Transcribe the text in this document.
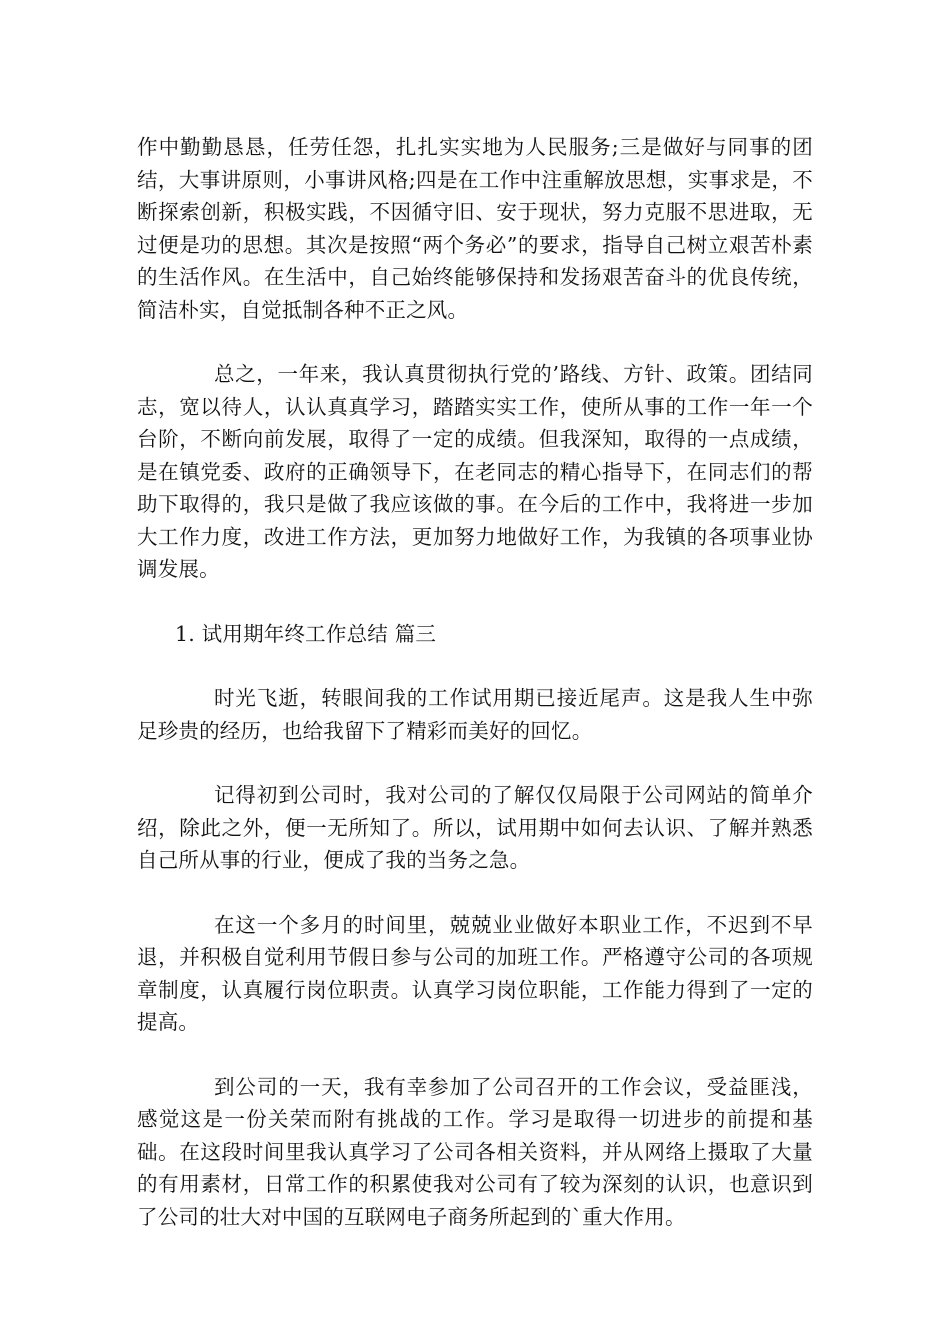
作中勤勤恳恳，任劳任怨，扎扎实实地为人民服务;三是做好与同事的团结，大事讲原则，小事讲风格;四是在工作中注重解放思想，实事求是，不断探索创新，积极实践，不因循守旧、安于现状，努力克服不思进取，无过便是功的思想。其次是按照“两个务必”的要求，指导自己树立艰苦朴素的生活作风。在生活中，自己始终能够保持和发扬艰苦奋斗的优良传统，简洁朴实，自觉抵制各种不正之风。

总之，一年来，我认真贯彻执行党的’路线、方针、政策。团结同志，宽以待人，认认真真学习，踏踏实实工作，使所从事的工作一年一个台阶，不断向前发展，取得了一定的成绩。但我深知，取得的一点成绩，是在镇党委、政府的正确领导下，在老同志的精心指导下，在同志们的帮助下取得的，我只是做了我应该做的事。在今后的工作中，我将进一步加大工作力度，改进工作方法，更加努力地做好工作，为我镇的各项事业协调发展。

1. 试用期年终工作总结 篇三

时光飞逝，转眼间我的工作试用期已接近尾声。这是我人生中弥足珍贵的经历，也给我留下了精彩而美好的回忆。

记得初到公司时，我对公司的了解仅仅局限于公司网站的简单介绍，除此之外，便一无所知了。所以，试用期中如何去认识、了解并熟悉自己所从事的行业，便成了我的当务之急。

在这一个多月的时间里，兢兢业业做好本职业工作，不迟到不早退，并积极自觉利用节假日参与公司的加班工作。严格遵守公司的各项规章制度，认真履行岗位职责。认真学习岗位职能，工作能力得到了一定的提高。

到公司的一天，我有幸参加了公司召开的工作会议，受益匪浅，感觉这是一份关荣而附有挑战的工作。学习是取得一切进步的前提和基础。在这段时间里我认真学习了公司各相关资料，并从网络上摄取了大量的有用素材，日常工作的积累使我对公司有了较为深刻的认识，也意识到了公司的壮大对中国的互联网电子商务所起到的`重大作用。
